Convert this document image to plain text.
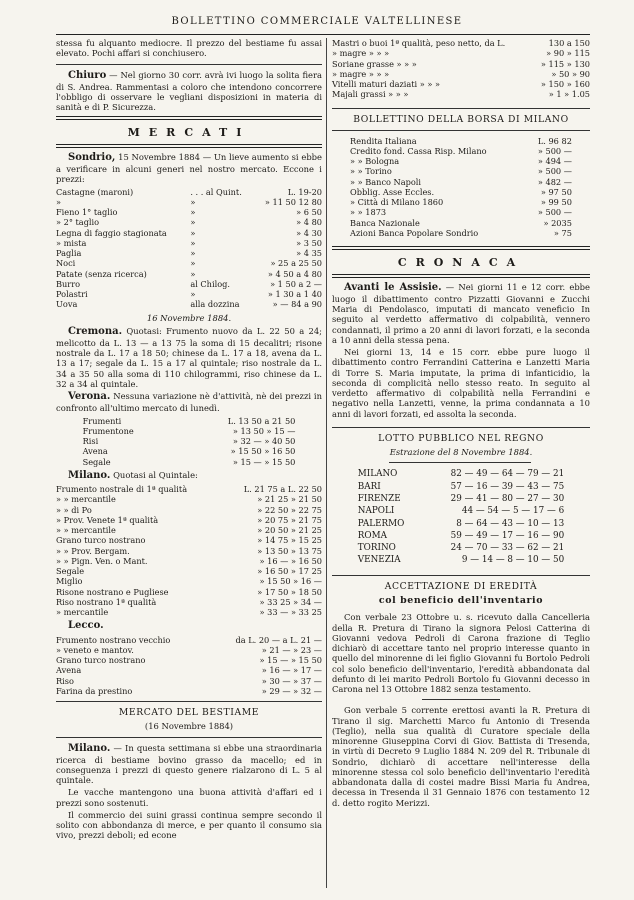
BOLLETTINO COMMERCIALE VALTELLINESE

stessa fu alquanto mediocre. Il prezzo del bestiame fu assai elevato. Pochi affari si conchiusero.

Chiuro — Nel giorno 30 corr. avrà ivi luogo la solita fiera di S. Andrea. Rammentasi a coloro che intendono concorrere l'obbligo di osservare le vegliani disposizioni in materia di sanità e di P. Sicurezza.

MERCATI

Sondrio, 15 Novembre 1884 — Un lieve aumento si ebbe a verificare in alcuni generi nel nostro mercato. Eccone i prezzi:

Castagne (maroni)	. . . al Quint.	L. 19-20
»	»	» 11 50 12 80
Fieno 1° taglio	»	» 6 50
» 2° taglio	»	» 4 80
Legna di faggio stagionata	»	» 4 30
» mista	»	» 3 50
Paglia	»	» 4 35
Noci	»	» 25 a 25 50
Patate (senza ricerca)	»	» 4 50 a 4 80
Burro	al Chilog.	» 1 50 a 2 —
Polastri	»	» 1 30 a 1 40
Uova	alla dozzina	» — 84 a 90

16 Novembre 1884.

Cremona. Quotasi: Frumento nuovo da L. 22 50 a 24; melicotto da L. 13 — a 13 75 la soma di 15 decalitri; risone nostrale da L. 17 a 18 50; chinese da L. 17 a 18, avena da L. 13 a 17; segale da L. 15 a 17 al quintale; riso nostrale da L. 34 a 35 50 alla soma di 110 chilogrammi, riso chinese da L. 32 a 34 al quintale.

Verona. Nessuna variazione nè d'attività, nè dei prezzi in confronto all'ultimo mercato di lunedì.

Frumenti	L. 13 50 a 21 50
Frumentone	» 13 50 » 15 —
Risi	» 32 — » 40 50
Avena	» 15 50 » 16 50
Segale	» 15 — » 15 50

Milano. Quotasi al Quintale:

Frumento nostrale di 1ª qualità	L. 21 75 a L. 22 50
» » mercantile	» 21 25 » 21 50
» » di Po	» 22 50 » 22 75
» Prov. Venete 1ª qualità	» 20 75 » 21 75
» » mercantile	» 20 50 » 21 25
Grano turco nostrano	» 14 75 » 15 25
» » Prov. Bergam.	» 13 50 » 13 75
» » Pign. Ven. o Mant.	» 16 — » 16 50
Segale	» 16 50 » 17 25
Miglio	» 15 50 » 16 —
Risone nostrano e Pugliese	» 17 50 » 18 50
Riso nostrano 1ª qualità	» 33 25 » 34 —
» mercantile	» 33 — » 33 25

Lecco.

Frumento nostrano vecchio	da L. 20 — a L. 21 —
» veneto e mantov.	» 21 — » 23 —
Grano turco nostrano	» 15 — » 15 50
Avena	» 16 — » 17 —
Riso	» 30 — » 37 —
Farina da prestino	» 29 — » 32 —
MERCATO DEL BESTIAME
(16 Novembre 1884)

Milano. — In questa settimana si ebbe una straordinaria ricerca di bestiame bovino grasso da macello; ed in conseguenza i prezzi di questo genere rialzarono di L. 5 al quintale.

Le vacche mantengono una buona attività d'affari ed i prezzi sono sostenuti.

Il commercio dei suini grassi continua sempre secondo il solito con abbondanza di merce, e per quanto il consumo sia vivo, prezzi deboli; ed econe

Mastri o buoi 1ª qualità, peso netto, da L.	130 a 150
» magre » » »	» 90 » 115
Soriane grasse » » »	» 115 » 130
» magre » » »	» 50 » 90
Vitelli maturi daziati » » »	» 150 » 160
Majali grassi » » »	» 1 » 1.05
BOLLETTINO DELLA BORSA DI MILANO
Rendita Italiana	L. 96 82
Credito fond. Cassa Risp. Milano	» 500 —
» » Bologna	» 494 —
» » Torino	» 500 —
» » Banco Napoli	» 482 —
Obblig. Asse Eccles.	» 97 50
» Città di Milano 1860	» 99 50
» » 1873	» 500 —
Banca Nazionale	» 2035
Azioni Banca Popolare Sondrio	» 75
CRONACA

Avanti le Assisie. — Nei giorni 11 e 12 corr. ebbe luogo il dibattimento contro Pizzatti Giovanni e Zucchi Maria di Pendolasco, imputati di mancato veneficio In seguito al verdetto affermativo di colpabilità, vennero condannati, il primo a 20 anni di lavori forzati, e la seconda a 10 anni della stessa pena.

Nei giorni 13, 14 e 15 corr. ebbe pure luogo il dibattimento contro Ferrandini Catterina e Lanzetti Maria di Torre S. Maria imputate, la prima di infanticidio, la seconda di complicità nello stesso reato. In seguito al verdetto affermativo di colpabilità nella Ferrandini e negativo nella Lanzetti, venne, la prima condannata a 10 anni di lavori forzati, ed assolta la seconda.

LOTTO PUBBLICO NEL REGNO
Estrazione del 8 Novembre 1884.
MILANO	82 — 49 — 64 — 79 — 21
BARI	57 — 16 — 39 — 43 — 75
FIRENZE	29 — 41 — 80 — 27 — 30
NAPOLI	44 — 54 — 5 — 17 — 6
PALERMO	8 — 64 — 43 — 10 — 13
ROMA	59 — 49 — 17 — 16 — 90
TORINO	24 — 70 — 33 — 62 — 21
VENEZIA	9 — 14 — 8 — 10 — 50
ACCETTAZIONE DI EREDITÀ
col beneficio dell'inventario

Con verbale 23 Ottobre u. s. ricevuto dalla Cancelleria della R. Pretura di Tirano la signora Pelosi Catterina di Giovanni vedova Pedroli di Carona frazione di Teglio dichiarò di accettare tanto nel proprio interesse quanto in quello del minorenne di lei figlio Giovanni fu Bortolo Pedroli col solo beneficio dell'inventario, l'eredità abbandonata dal defunto di lei marito Pedroli Bortolo fu Giovanni decesso in Carona nel 13 Ottobre 1882 senza testamento.

Gon verbale 5 corrente erettosi avanti la R. Pretura di Tirano il sig. Marchetti Marco fu Antonio di Tresenda (Teglio), nella sua qualità di Curatore speciale della minorenne Giuseppina Corvi di Giov. Battista di Tresenda, in virtù di Decreto 9 Luglio 1884 N. 209 del R. Tribunale di Sondrio, dichiarò di accettare nell'interesse della minorenne stessa col solo beneficio dell'inventario l'eredità abbandonata dalla di costei madre Bissi Maria fu Andrea, decessa in Tresenda il 31 Gennaio 1876 con testamento 12 d. detto rogito Merizzi.
